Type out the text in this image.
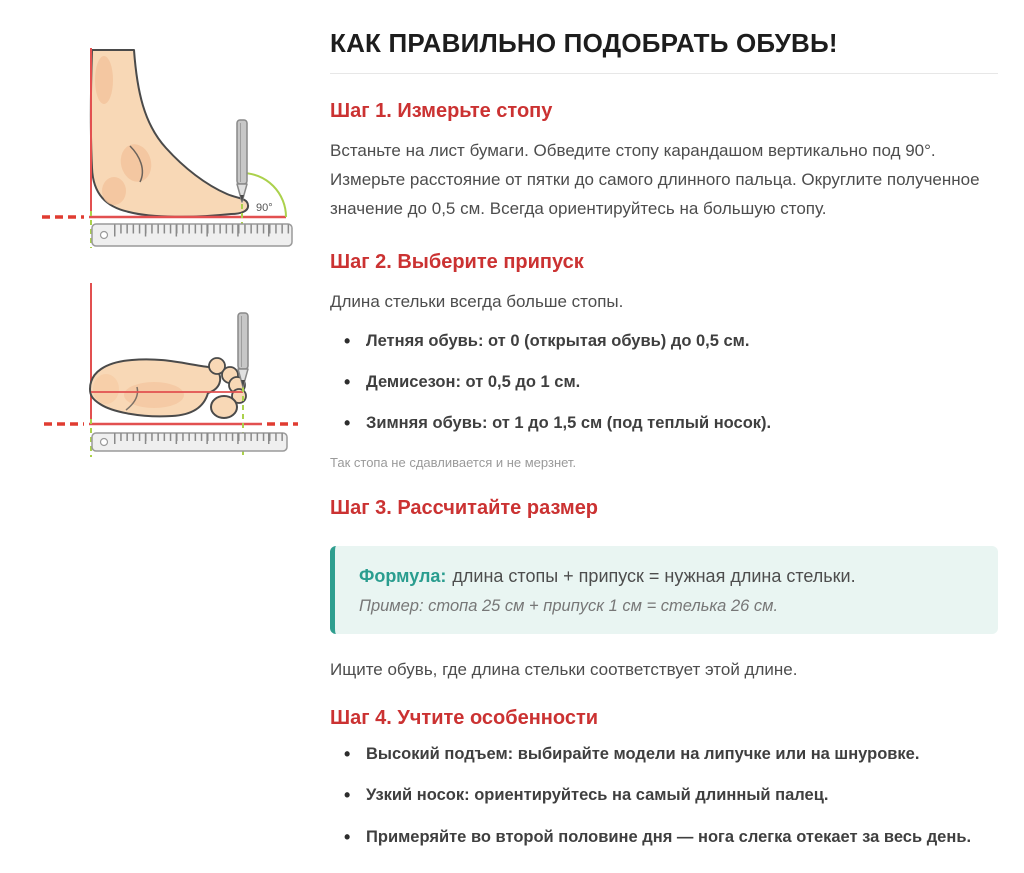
90°
КАК ПРАВИЛЬНО ПОДОБРАТЬ ОБУВЬ!
Шаг 1. Измерьте стопу

Встаньте на лист бумаги. Обведите стопу карандашом вертикально под 90°. Измерьте расстояние от пятки до самого длинного пальца. Округлите полученное значение до 0,5 см. Всегда ориентируйтесь на большую стопу.

Шаг 2. Выберите припуск

Длина стельки всегда больше стопы.

• Летняя обувь: от 0 (открытая обувь) до 0,5 см.
• Демисезон: от 0,5 до 1 см.
• Зимняя обувь: от 1 до 1,5 см (под теплый носок).

Так стопа не сдавливается и не мерзнет.

Шаг 3. Рассчитайте размер

Формула: длина стопы + припуск = нужная длина стельки.

Пример: стопа 25 см + припуск 1 см = стелька 26 см.

Ищите обувь, где длина стельки соответствует этой длине.

Шаг 4. Учтите особенности
• Высокий подъем: выбирайте модели на липучке или на шнуровке.
• Узкий носок: ориентируйтесь на самый длинный палец.
• Примеряйте во второй половине дня — нога слегка отекает за весь день.
